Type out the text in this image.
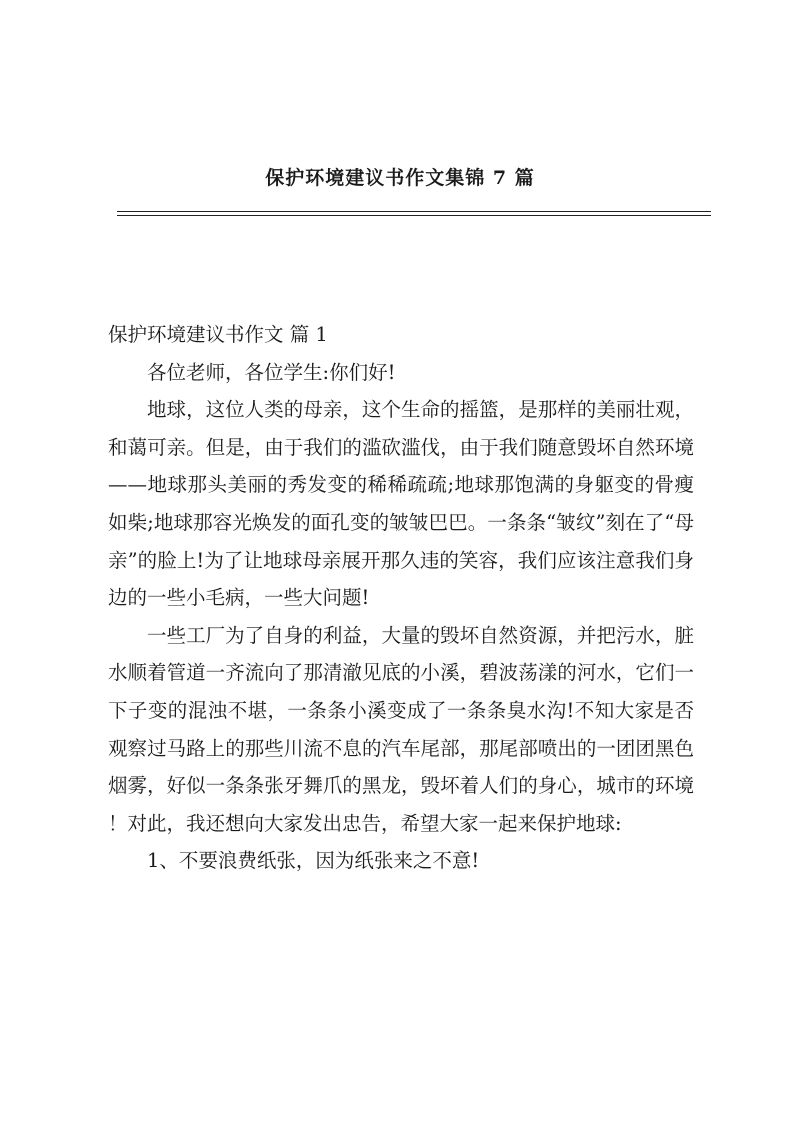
保护环境建议书作文集锦 7 篇

保护环境建议书作文 篇 1

各位老师，各位学生:你们好!

地球，这位人类的母亲，这个生命的摇篮，是那样的美丽壮观，和蔼可亲。但是，由于我们的滥砍滥伐，由于我们随意毁坏自然环境——地球那头美丽的秀发变的稀稀疏疏;地球那饱满的身躯变的骨瘦如柴;地球那容光焕发的面孔变的皱皱巴巴。一条条“皱纹”刻在了“母亲”的脸上!为了让地球母亲展开那久违的笑容，我们应该注意我们身边的一些小毛病，一些大问题!

一些工厂为了自身的利益，大量的毁坏自然资源，并把污水，脏水顺着管道一齐流向了那清澈见底的小溪，碧波荡漾的河水，它们一下子变的混浊不堪，一条条小溪变成了一条条臭水沟!不知大家是否观察过马路上的那些川流不息的汽车尾部，那尾部喷出的一团团黑色烟雾，好似一条条张牙舞爪的黑龙，毁坏着人们的身心，城市的环境！对此，我还想向大家发出忠告，希望大家一起来保护地球:

1、不要浪费纸张，因为纸张来之不意!
